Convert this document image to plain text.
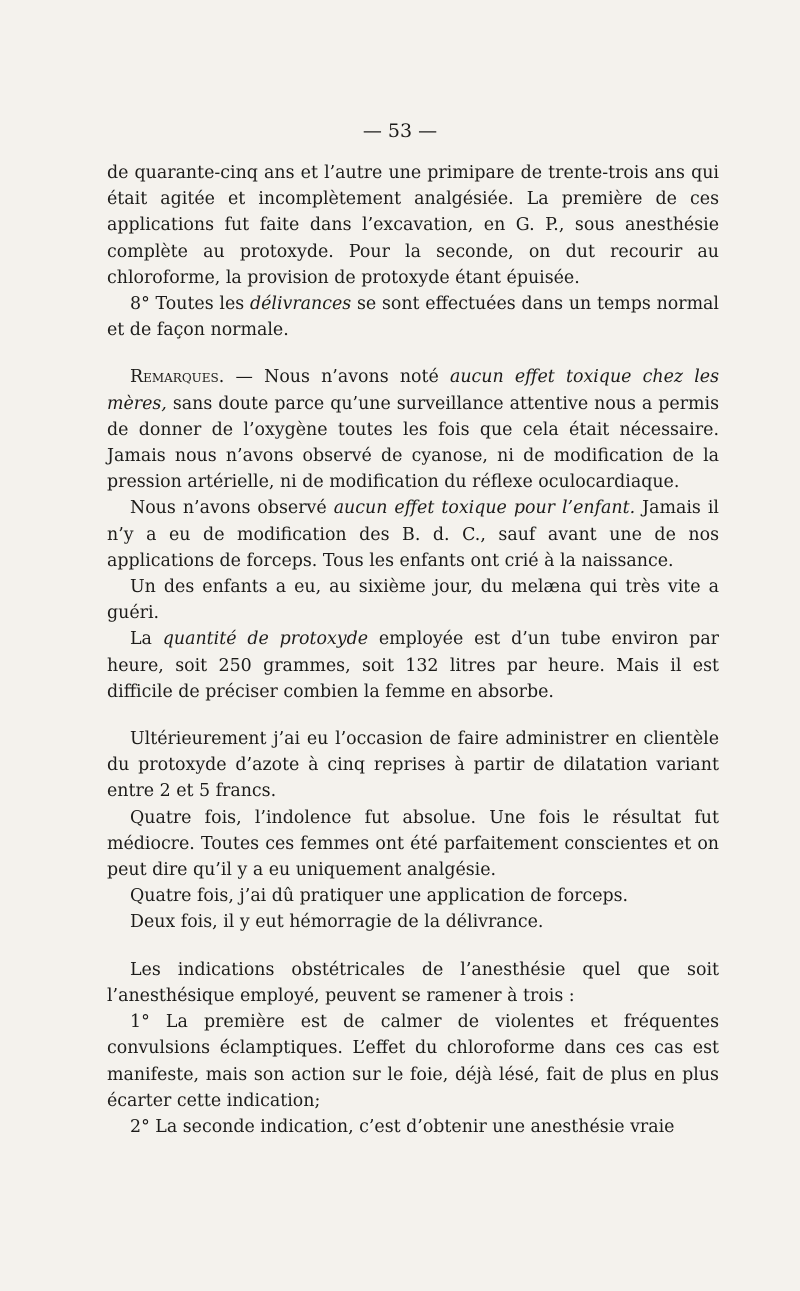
— 53 —

de quarante-cinq ans et l’autre une primipare de trente-trois ans qui était agitée et incomplètement analgésiée. La première de ces applications fut faite dans l’excavation, en G. P., sous anesthésie complète au protoxyde. Pour la seconde, on dut recourir au chloroforme, la provision de protoxyde étant épuisée.

8° Toutes les délivrances se sont effectuées dans un temps normal et de façon normale.

Remarques. — Nous n’avons noté aucun effet toxique chez les mères, sans doute parce qu’une surveillance attentive nous a permis de donner de l’oxygène toutes les fois que cela était nécessaire. Jamais nous n’avons observé de cyanose, ni de modification de la pression artérielle, ni de modification du réflexe oculocardiaque.

Nous n’avons observé aucun effet toxique pour l’enfant. Jamais il n’y a eu de modification des B. d. C., sauf avant une de nos applications de forceps. Tous les enfants ont crié à la naissance.

Un des enfants a eu, au sixième jour, du melæna qui très vite a guéri.

La quantité de protoxyde employée est d’un tube environ par heure, soit 250 grammes, soit 132 litres par heure. Mais il est difficile de préciser combien la femme en absorbe.

Ultérieurement j’ai eu l’occasion de faire administrer en clientèle du protoxyde d’azote à cinq reprises à partir de dilatation variant entre 2 et 5 francs.

Quatre fois, l’indolence fut absolue. Une fois le résultat fut médiocre. Toutes ces femmes ont été parfaitement conscientes et on peut dire qu’il y a eu uniquement analgésie.

Quatre fois, j’ai dû pratiquer une application de forceps.

Deux fois, il y eut hémorragie de la délivrance.

Les indications obstétricales de l’anesthésie quel que soit l’anesthésique employé, peuvent se ramener à trois :

1° La première est de calmer de violentes et fréquentes convulsions éclamptiques. L’effet du chloroforme dans ces cas est manifeste, mais son action sur le foie, déjà lésé, fait de plus en plus écarter cette indication;

2° La seconde indication, c’est d’obtenir une anesthésie vraie
